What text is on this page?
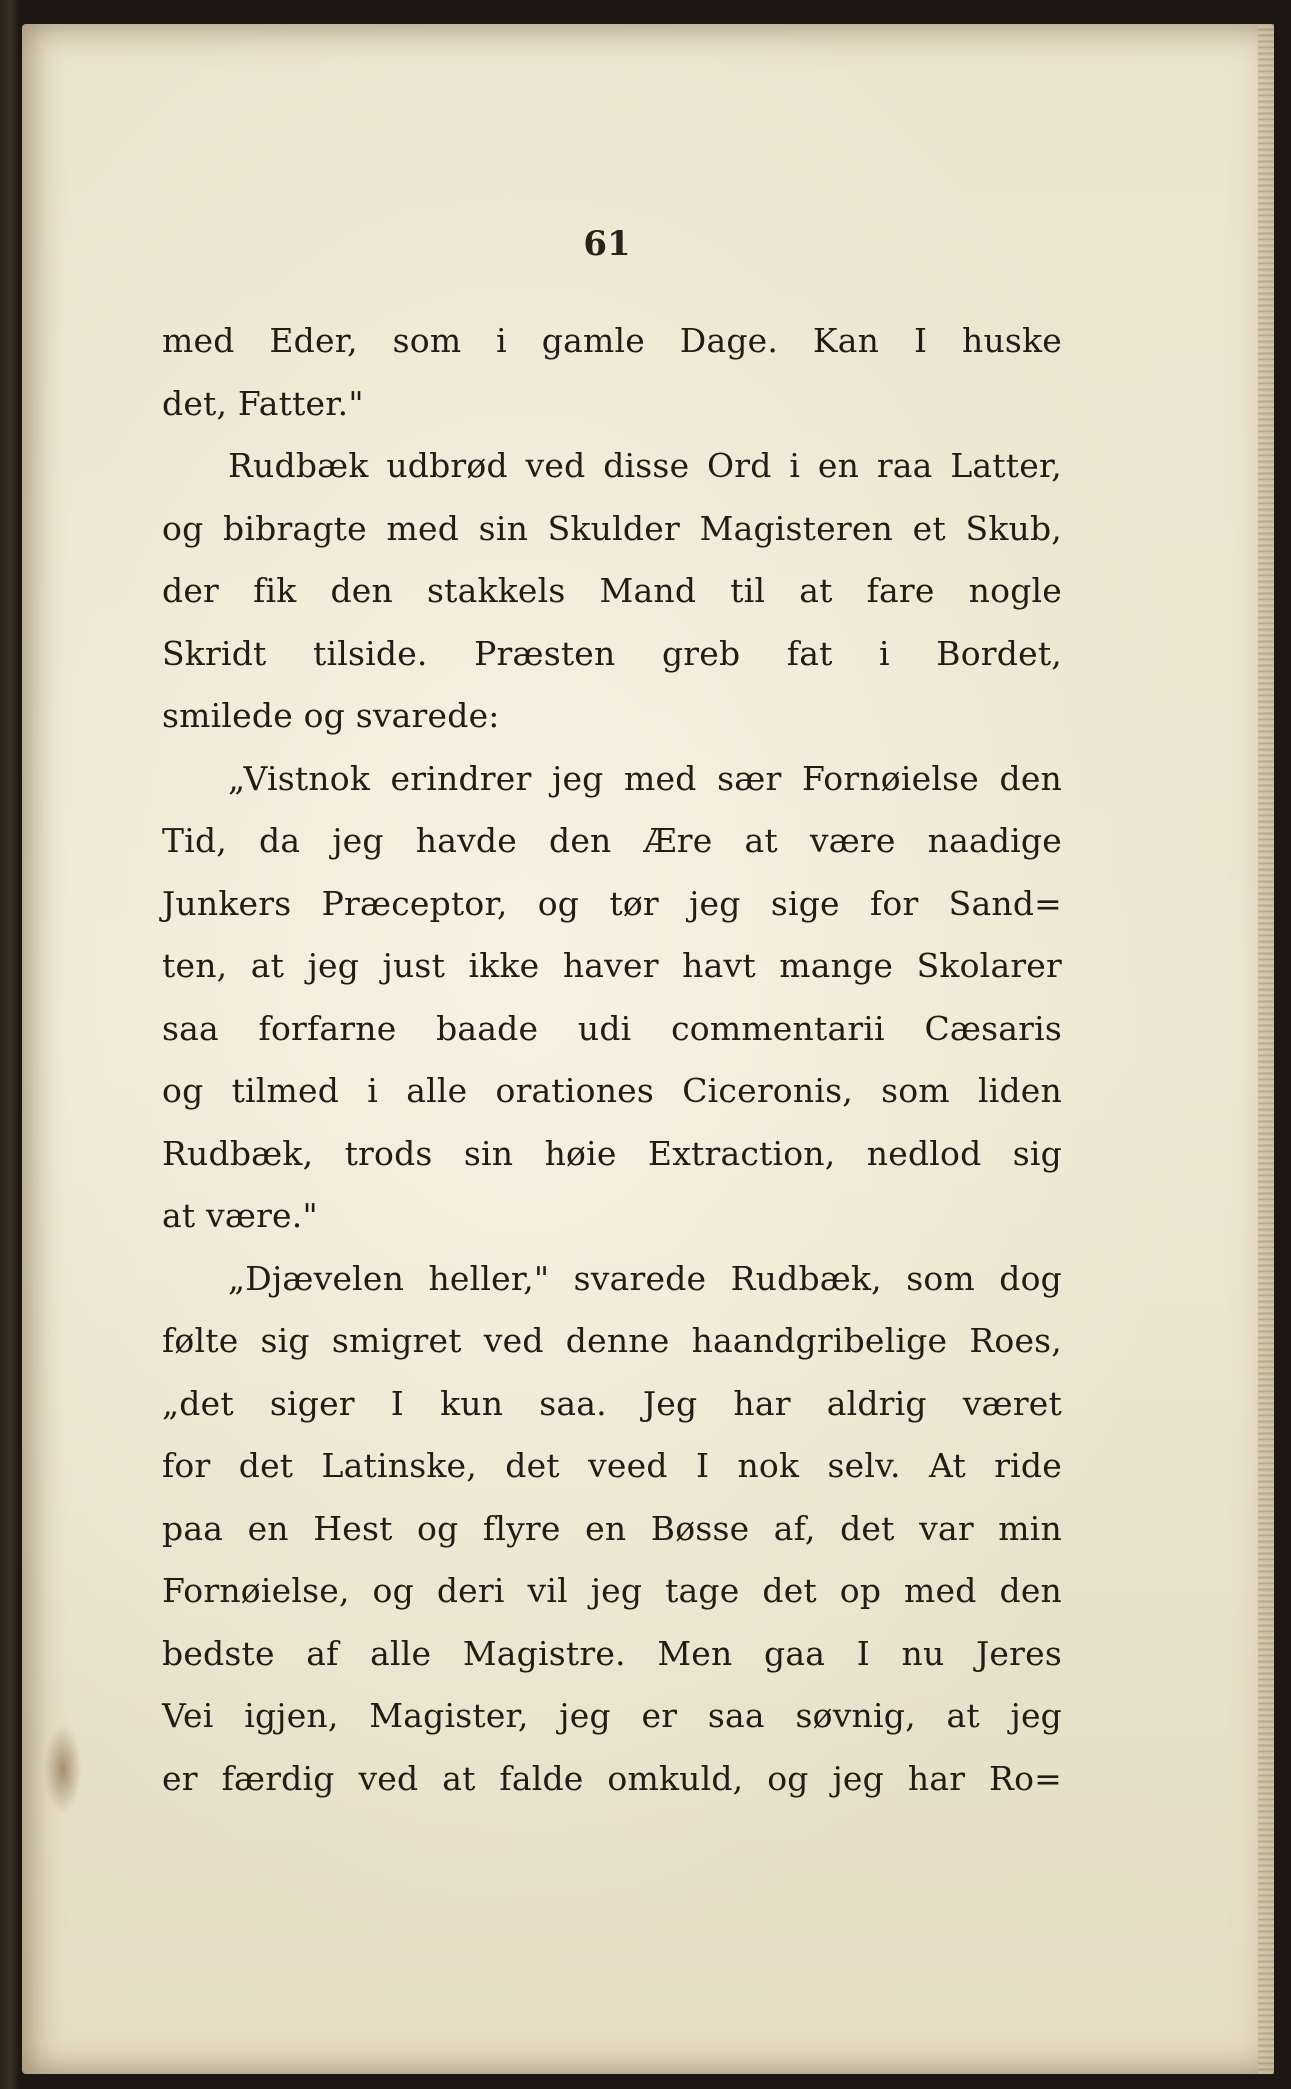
61
med Eder, som i gamle Dage. Kan I huske
det, Fatter."
Rudbæk udbrød ved disse Ord i en raa Latter,
og bibragte med sin Skulder Magisteren et Skub,
der fik den stakkels Mand til at fare nogle
Skridt tilside. Præsten greb fat i Bordet,
smilede og svarede:
„Vistnok erindrer jeg med sær Fornøielse den
Tid, da jeg havde den Ære at være naadige
Junkers Præceptor, og tør jeg sige for Sand=
ten, at jeg just ikke haver havt mange Skolarer
saa forfarne baade udi commentarii Cæsaris
og tilmed i alle orationes Ciceronis, som liden
Rudbæk, trods sin høie Extraction, nedlod sig
at være."
„Djævelen heller," svarede Rudbæk, som dog
følte sig smigret ved denne haandgribelige Roes,
„det siger I kun saa. Jeg har aldrig været
for det Latinske, det veed I nok selv. At ride
paa en Hest og flyre en Bøsse af, det var min
Fornøielse, og deri vil jeg tage det op med den
bedste af alle Magistre. Men gaa I nu Jeres
Vei igjen, Magister, jeg er saa søvnig, at jeg
er færdig ved at falde omkuld, og jeg har Ro=
